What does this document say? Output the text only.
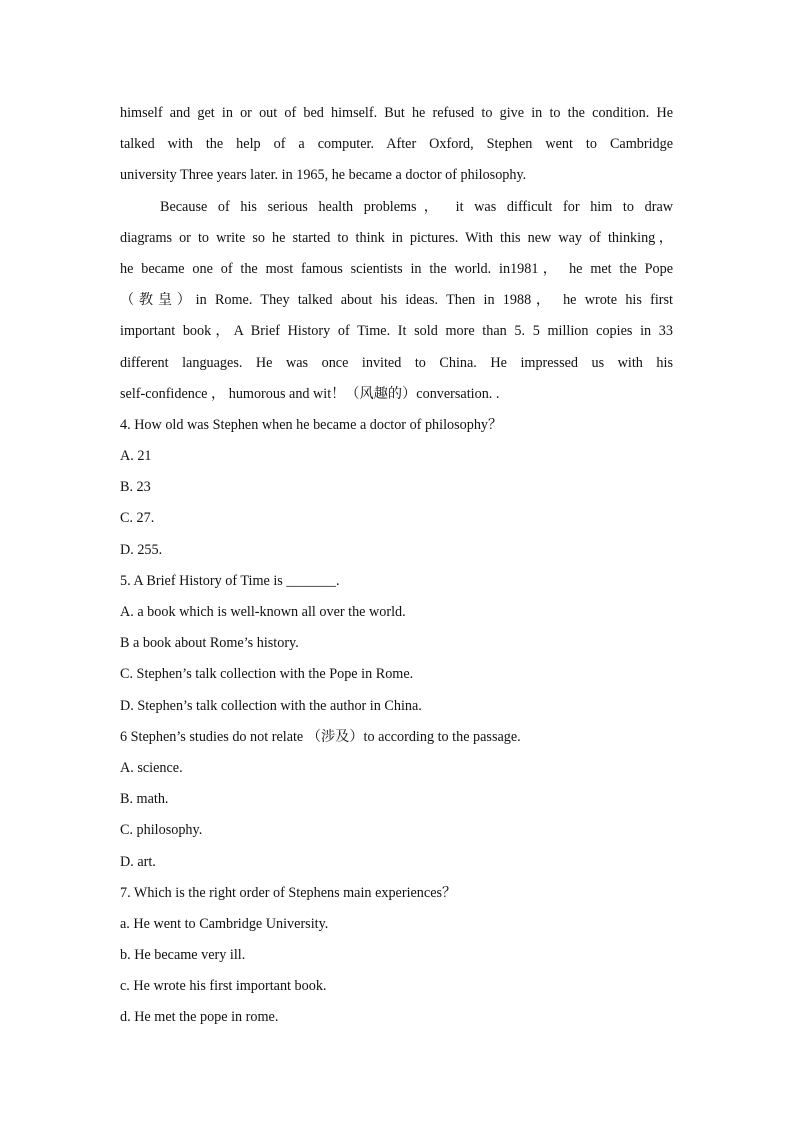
himself and get in or out of bed himself. But he refused to give in to the condition. He
talked with the help of a computer. After Oxford, Stephen went to Cambridge
university Three years later. in 1965, he became a doctor of philosophy.
Because of his serious health problems， it was difficult for him to draw
diagrams or to write so he started to think in pictures. With this new way of thinking，
he became one of the most famous scientists in the world. in1981， he met the Pope
（教皇）in Rome. They talked about his ideas. Then in 1988， he wrote his first
important book，A Brief History of Time. It sold more than 5. 5 million copies in 33
different languages. He was once invited to China. He impressed us with his
self-confidence ， humorous and wit！（风趣的）conversation. .
4. How old was Stephen when he became a doctor of philosophy？
A. 21
B. 23
C. 27.
D. 255.
5. A Brief History of Time is _______.
A. a book which is well-known all over the world.
B a book about Rome’s history.
C. Stephen’s talk collection with the Pope in Rome.
D. Stephen’s talk collection with the author in China.
6 Stephen’s studies do not relate （涉及）to according to the passage.
A. science.
B. math.
C. philosophy.
D. art.
7. Which is the right order of Stephens main experiences？
a. He went to Cambridge University.
b. He became very ill.
c. He wrote his first important book.
d. He met the pope in rome.
